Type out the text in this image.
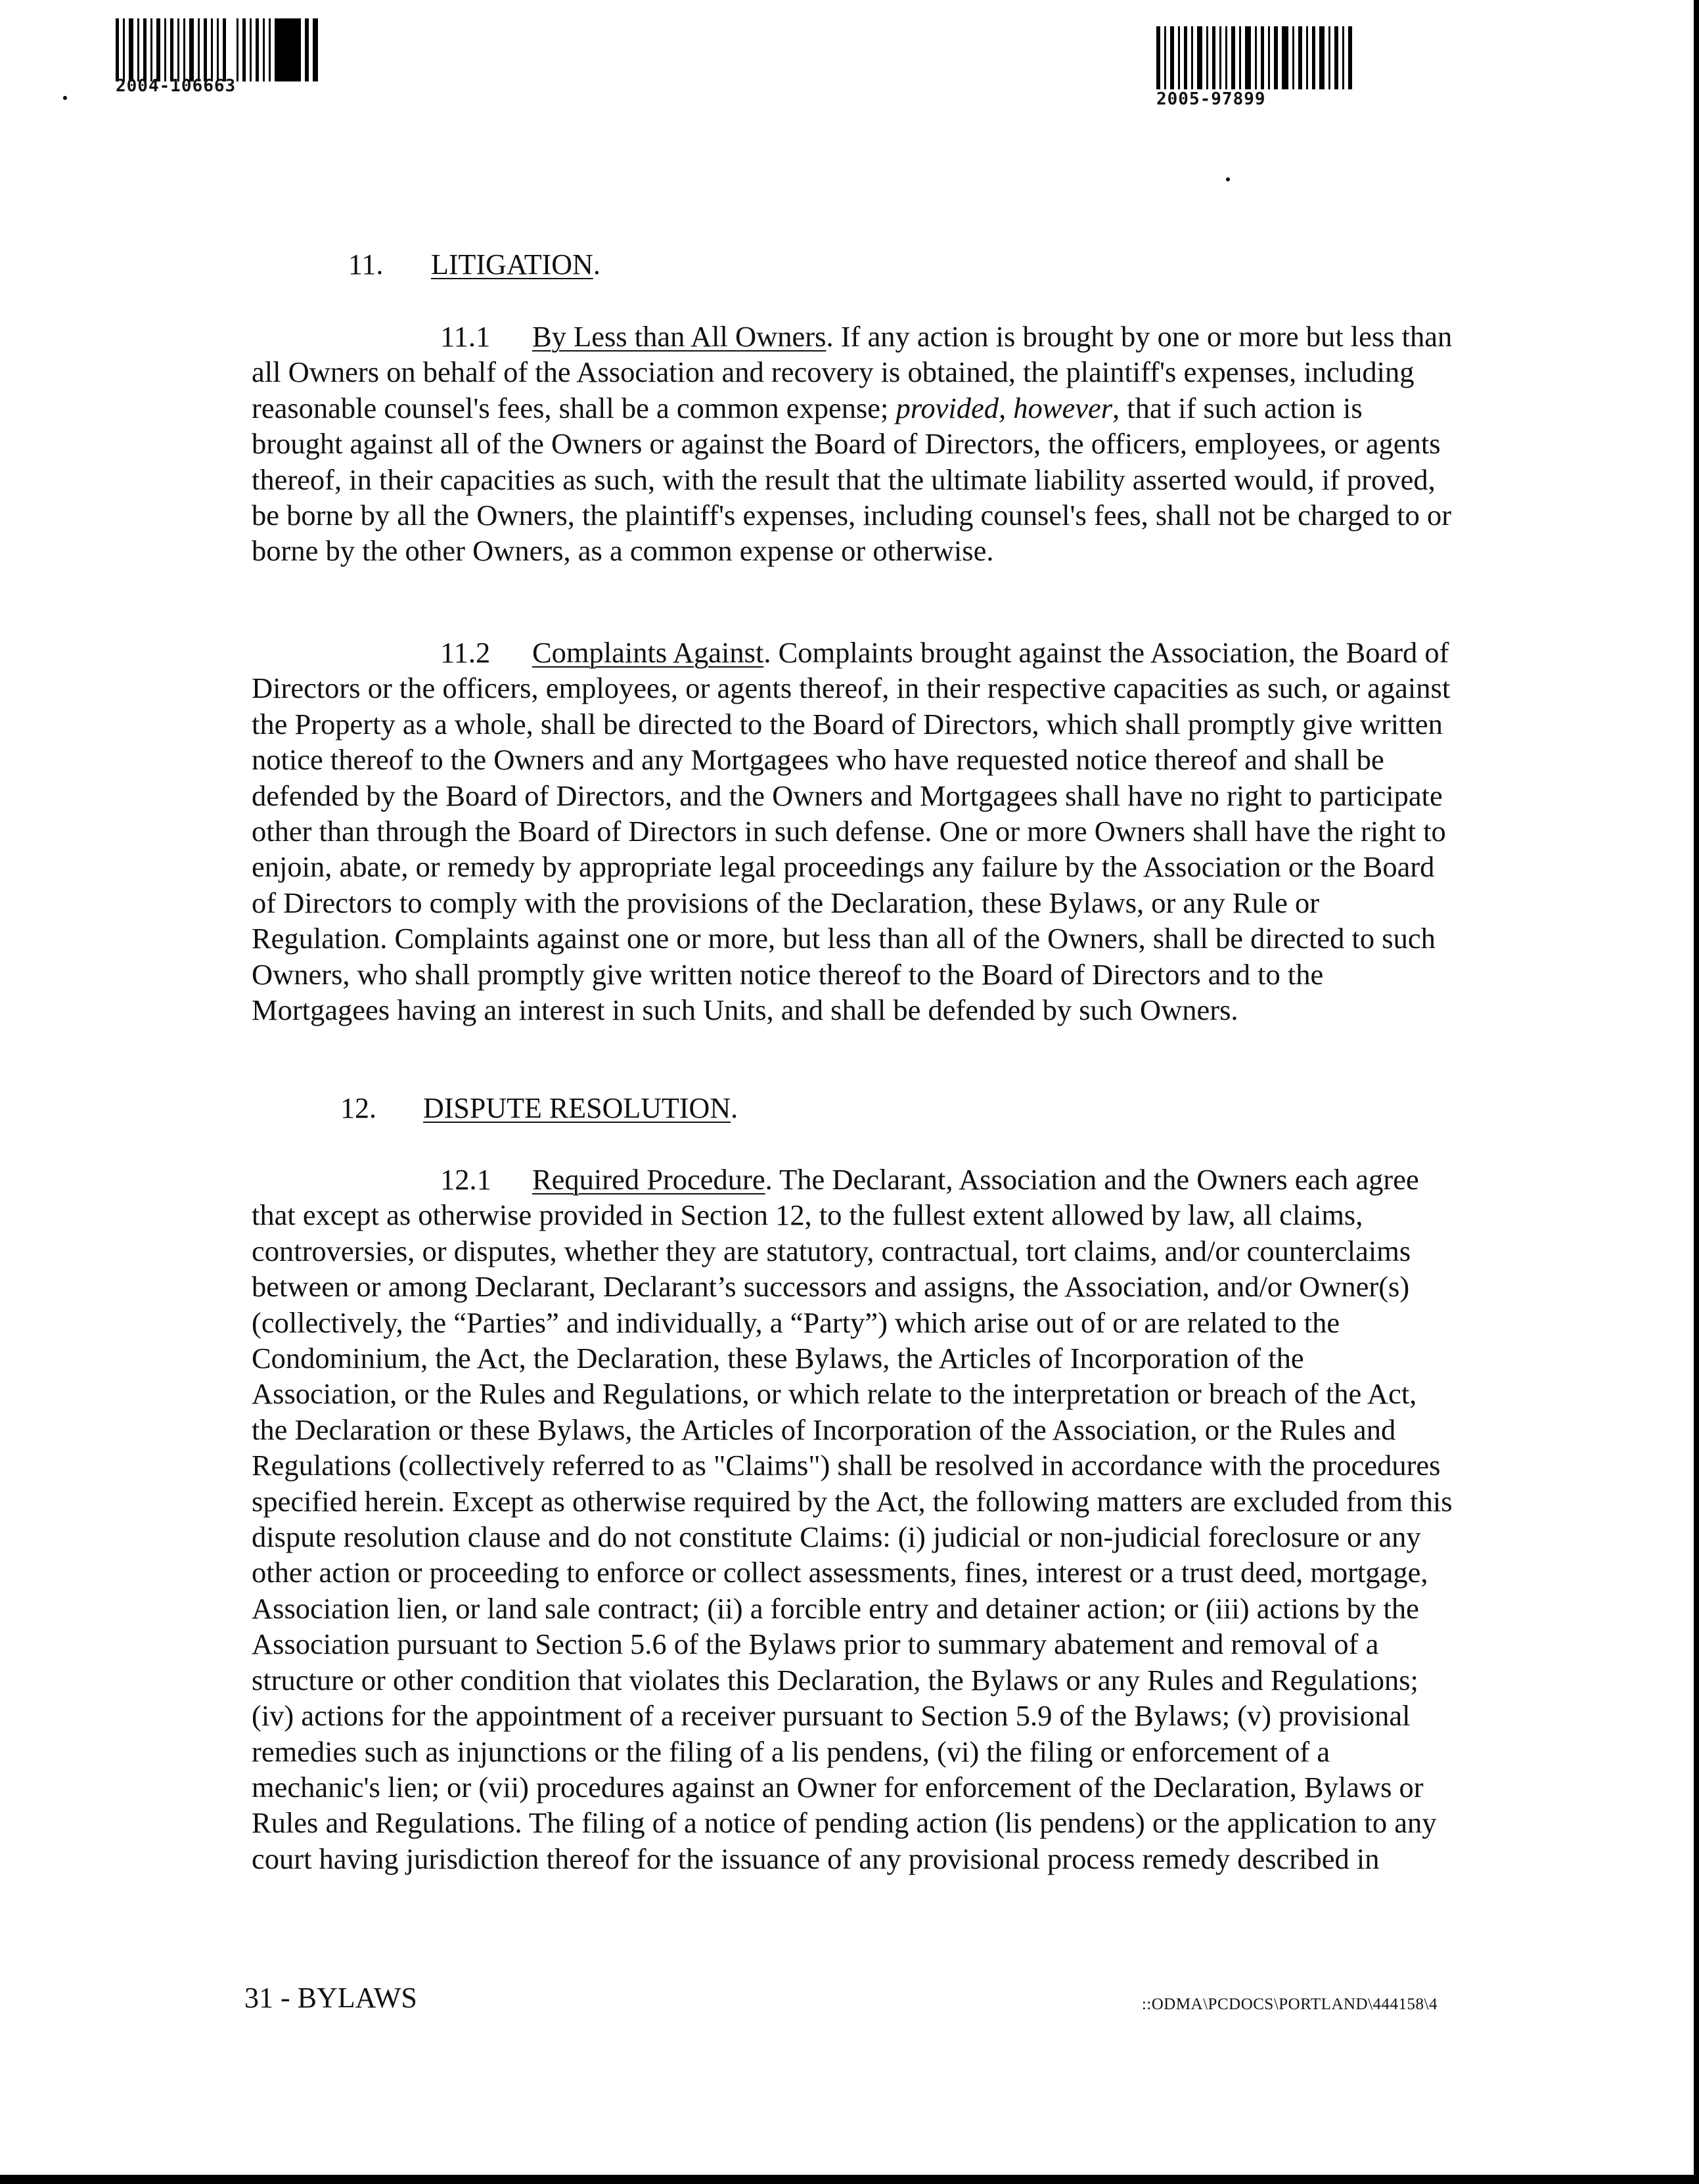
2004-106663
2005-97899
11. LITIGATION.
11.1 By Less than All Owners. If any action is brought by one or more but less than all Owners on behalf of the Association and recovery is obtained, the plaintiff's expenses, including reasonable counsel's fees, shall be a common expense; provided, however, that if such action is brought against all of the Owners or against the Board of Directors, the officers, employees, or agents thereof, in their capacities as such, with the result that the ultimate liability asserted would, if proved, be borne by all the Owners, the plaintiff's expenses, including counsel's fees, shall not be charged to or borne by the other Owners, as a common expense or otherwise.
11.2 Complaints Against. Complaints brought against the Association, the Board of Directors or the officers, employees, or agents thereof, in their respective capacities as such, or against the Property as a whole, shall be directed to the Board of Directors, which shall promptly give written notice thereof to the Owners and any Mortgagees who have requested notice thereof and shall be defended by the Board of Directors, and the Owners and Mortgagees shall have no right to participate other than through the Board of Directors in such defense. One or more Owners shall have the right to enjoin, abate, or remedy by appropriate legal proceedings any failure by the Association or the Board of Directors to comply with the provisions of the Declaration, these Bylaws, or any Rule or Regulation. Complaints against one or more, but less than all of the Owners, shall be directed to such Owners, who shall promptly give written notice thereof to the Board of Directors and to the Mortgagees having an interest in such Units, and shall be defended by such Owners.
12. DISPUTE RESOLUTION.
12.1 Required Procedure. The Declarant, Association and the Owners each agree that except as otherwise provided in Section 12, to the fullest extent allowed by law, all claims, controversies, or disputes, whether they are statutory, contractual, tort claims, and/or counterclaims between or among Declarant, Declarant’s successors and assigns, the Association, and/or Owner(s) (collectively, the “Parties” and individually, a “Party”) which arise out of or are related to the Condominium, the Act, the Declaration, these Bylaws, the Articles of Incorporation of the Association, or the Rules and Regulations, or which relate to the interpretation or breach of the Act, the Declaration or these Bylaws, the Articles of Incorporation of the Association, or the Rules and Regulations (collectively referred to as "Claims") shall be resolved in accordance with the procedures specified herein. Except as otherwise required by the Act, the following matters are excluded from this dispute resolution clause and do not constitute Claims: (i) judicial or non-judicial foreclosure or any other action or proceeding to enforce or collect assessments, fines, interest or a trust deed, mortgage, Association lien, or land sale contract; (ii) a forcible entry and detainer action; or (iii) actions by the Association pursuant to Section 5.6 of the Bylaws prior to summary abatement and removal of a structure or other condition that violates this Declaration, the Bylaws or any Rules and Regulations; (iv) actions for the appointment of a receiver pursuant to Section 5.9 of the Bylaws; (v) provisional remedies such as injunctions or the filing of a lis pendens, (vi) the filing or enforcement of a mechanic's lien; or (vii) procedures against an Owner for enforcement of the Declaration, Bylaws or Rules and Regulations. The filing of a notice of pending action (lis pendens) or the application to any court having jurisdiction thereof for the issuance of any provisional process remedy described in
31 - BYLAWS	::ODMA\PCDOCS\PORTLAND\444158\4
